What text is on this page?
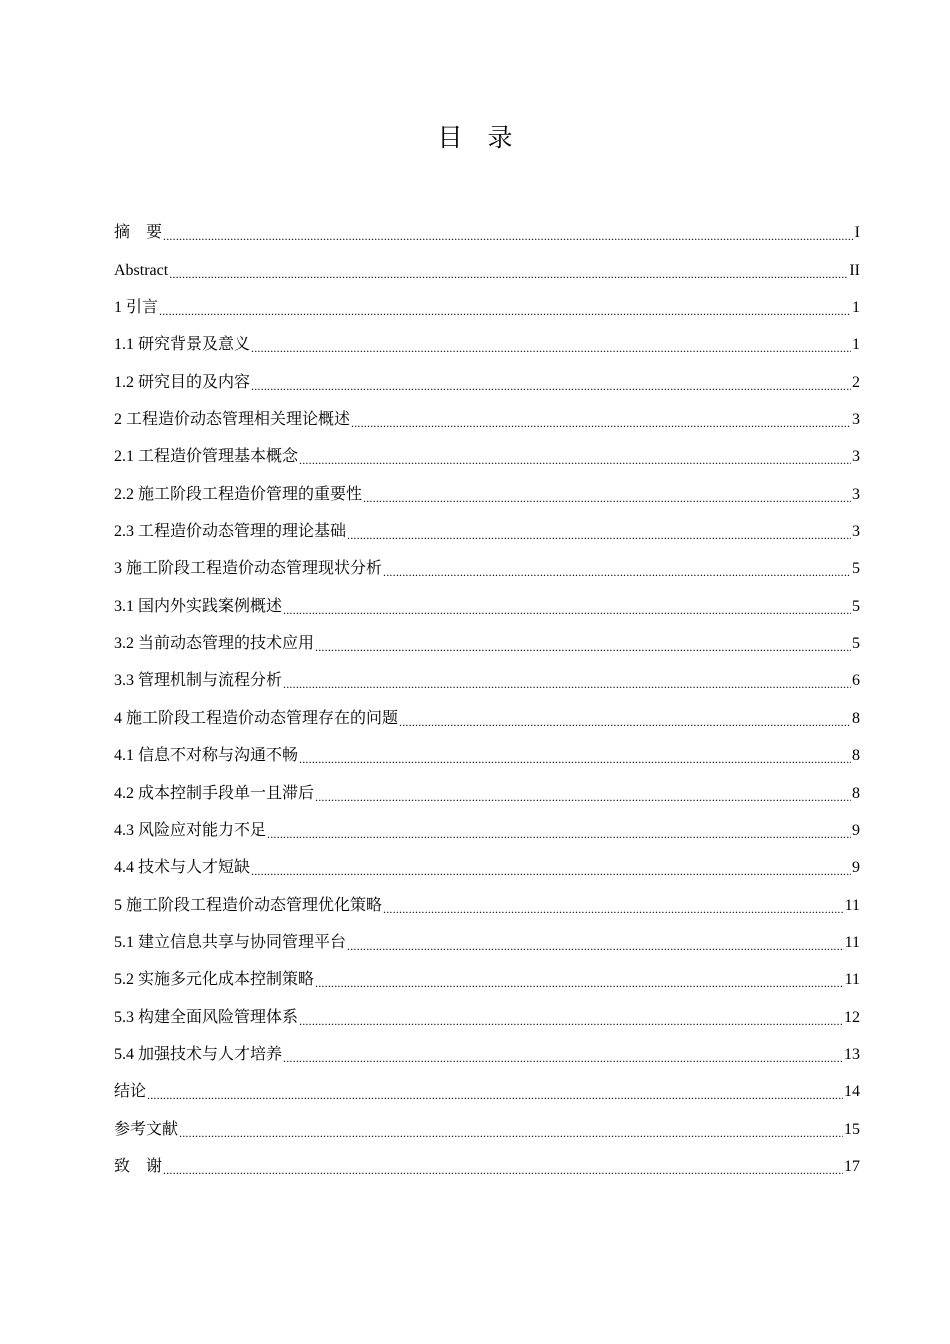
目　录
摘　要 .....	I
Abstract .....	II
1 引言 .....	1
1.1 研究背景及意义 .....	1
1.2 研究目的及内容 .....	2
2 工程造价动态管理相关理论概述 .....	3
2.1 工程造价管理基本概念 .....	3
2.2 施工阶段工程造价管理的重要性 .....	3
2.3 工程造价动态管理的理论基础 .....	3
3 施工阶段工程造价动态管理现状分析 .....	5
3.1 国内外实践案例概述 .....	5
3.2 当前动态管理的技术应用 .....	5
3.3 管理机制与流程分析 .....	6
4 施工阶段工程造价动态管理存在的问题 .....	8
4.1 信息不对称与沟通不畅 .....	8
4.2 成本控制手段单一且滞后 .....	8
4.3 风险应对能力不足 .....	9
4.4 技术与人才短缺 .....	9
5 施工阶段工程造价动态管理优化策略 .....	11
5.1 建立信息共享与协同管理平台 .....	11
5.2 实施多元化成本控制策略 .....	11
5.3 构建全面风险管理体系 .....	12
5.4 加强技术与人才培养 .....	13
结论 .....	14
参考文献 .....	15
致　谢 .....	17
